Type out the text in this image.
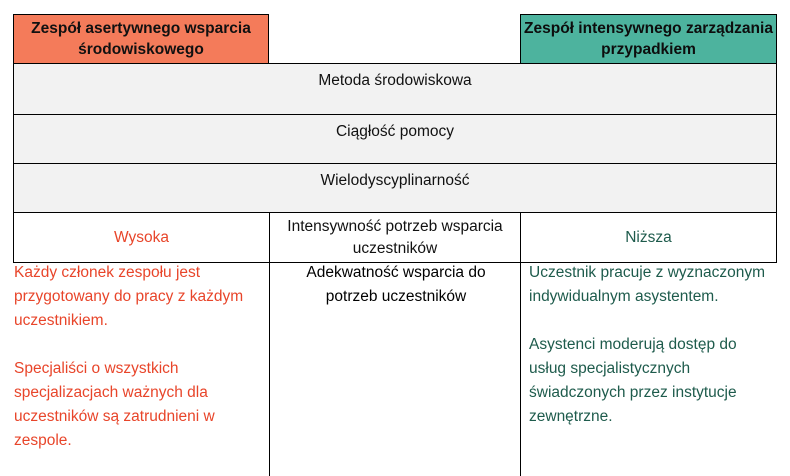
Zespół asertywnego wsparcia środowiskowego
Zespół intensywnego zarządzania przypadkiem
Metoda środowiskowa
Ciągłość pomocy
Wielodyscyplinarność
Wysoka
Intensywność potrzeb wsparcia uczestników
Niższa
Adekwatność wsparcia do potrzeb uczestników

Każdy członek zespołu jest przygotowany do pracy z każdym uczestnikiem.

Specjaliści o wszystkich specjalizacjach ważnych dla uczestników są zatrudnieni w zespole.

Uczestnik pracuje z wyznaczonym indywidualnym asystentem.

Asystenci moderują dostęp do usług specjalistycznych świadczonych przez instytucje zewnętrzne.
